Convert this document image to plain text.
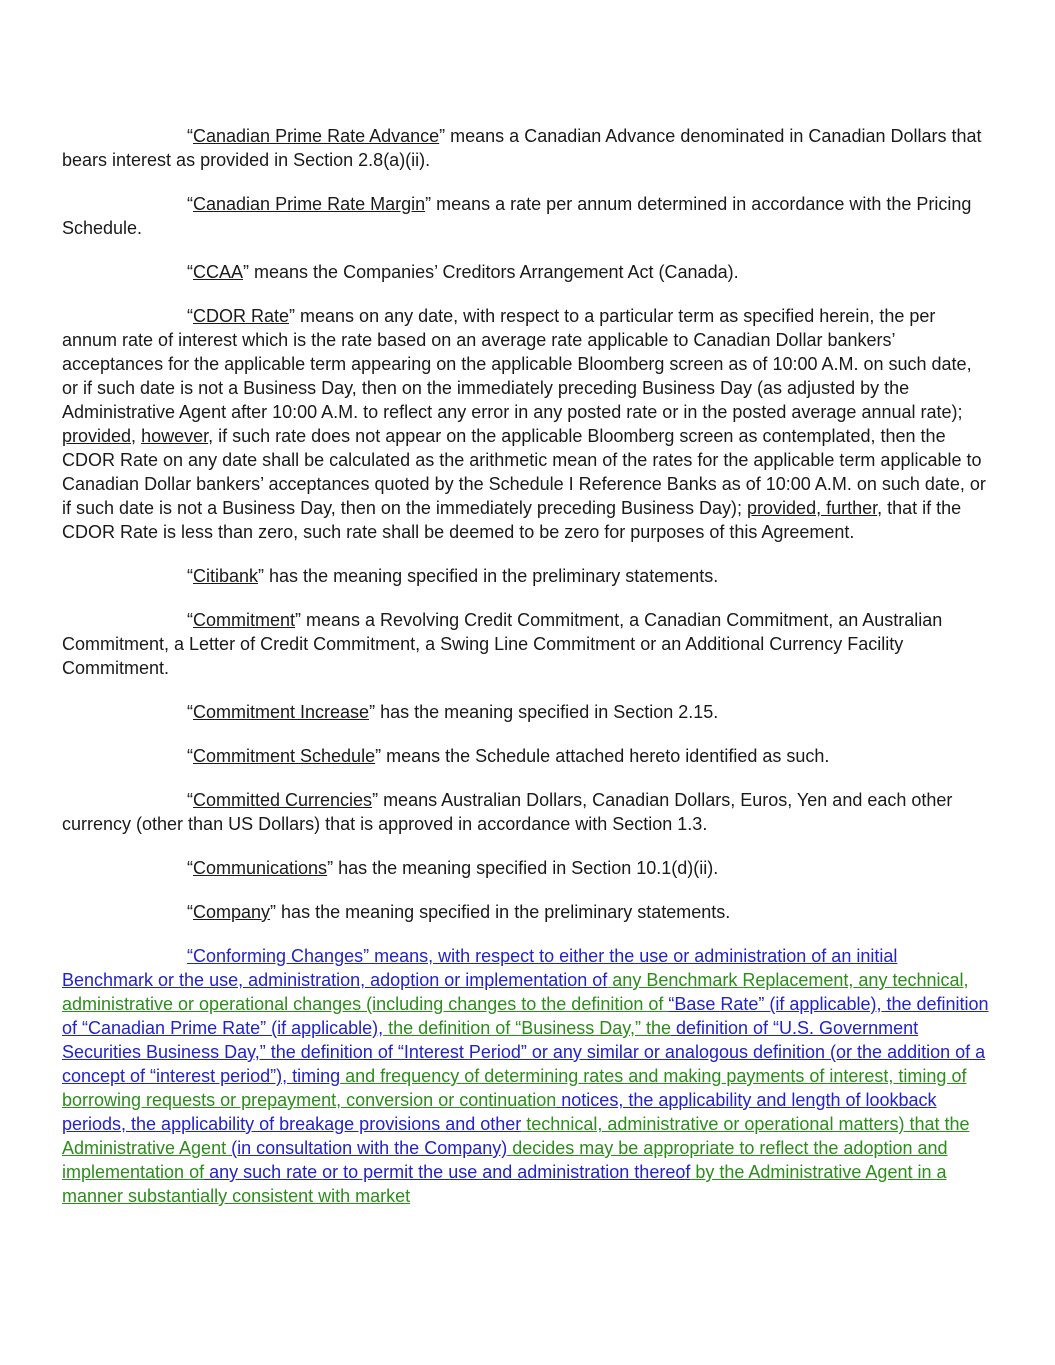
“Canadian Prime Rate Advance” means a Canadian Advance denominated in Canadian Dollars that bears interest as provided in Section 2.8(a)(ii).

“Canadian Prime Rate Margin” means a rate per annum determined in accordance with the Pricing Schedule.

“CCAA” means the Companies’ Creditors Arrangement Act (Canada).

“CDOR Rate” means on any date, with respect to a particular term as specified herein, the per annum rate of interest which is the rate based on an average rate applicable to Canadian Dollar bankers’ acceptances for the applicable term appearing on the applicable Bloomberg screen as of 10:00 A.M. on such date, or if such date is not a Business Day, then on the immediately preceding Business Day (as adjusted by the Administrative Agent after 10:00 A.M. to reflect any error in any posted rate or in the posted average annual rate); provided, however, if such rate does not appear on the applicable Bloomberg screen as contemplated, then the CDOR Rate on any date shall be calculated as the arithmetic mean of the rates for the applicable term applicable to Canadian Dollar bankers’ acceptances quoted by the Schedule I Reference Banks as of 10:00 A.M. on such date, or if such date is not a Business Day, then on the immediately preceding Business Day); provided, further, that if the CDOR Rate is less than zero, such rate shall be deemed to be zero for purposes of this Agreement.

“Citibank” has the meaning specified in the preliminary statements.

“Commitment” means a Revolving Credit Commitment, a Canadian Commitment, an Australian Commitment, a Letter of Credit Commitment, a Swing Line Commitment or an Additional Currency Facility Commitment.

“Commitment Increase” has the meaning specified in Section 2.15.

“Commitment Schedule” means the Schedule attached hereto identified as such.

“Committed Currencies” means Australian Dollars, Canadian Dollars, Euros, Yen and each other currency (other than US Dollars) that is approved in accordance with Section 1.3.

“Communications” has the meaning specified in Section 10.1(d)(ii).

“Company” has the meaning specified in the preliminary statements.

“Conforming Changes” means, with respect to either the use or administration of an initial Benchmark or the use, administration, adoption or implementation of any Benchmark Replacement, any technical, administrative or operational changes (including changes to the definition of “Base Rate” (if applicable), the definition of “Canadian Prime Rate” (if applicable), the definition of “Business Day,” the definition of “U.S. Government Securities Business Day,” the definition of “Interest Period” or any similar or analogous definition (or the addition of a concept of “interest period”), timing and frequency of determining rates and making payments of interest, timing of borrowing requests or prepayment, conversion or continuation notices, the applicability and length of lookback periods, the applicability of breakage provisions and other technical, administrative or operational matters) that the Administrative Agent (in consultation with the Company) decides may be appropriate to reflect the adoption and implementation of any such rate or to permit the use and administration thereof by the Administrative Agent in a manner substantially consistent with market
